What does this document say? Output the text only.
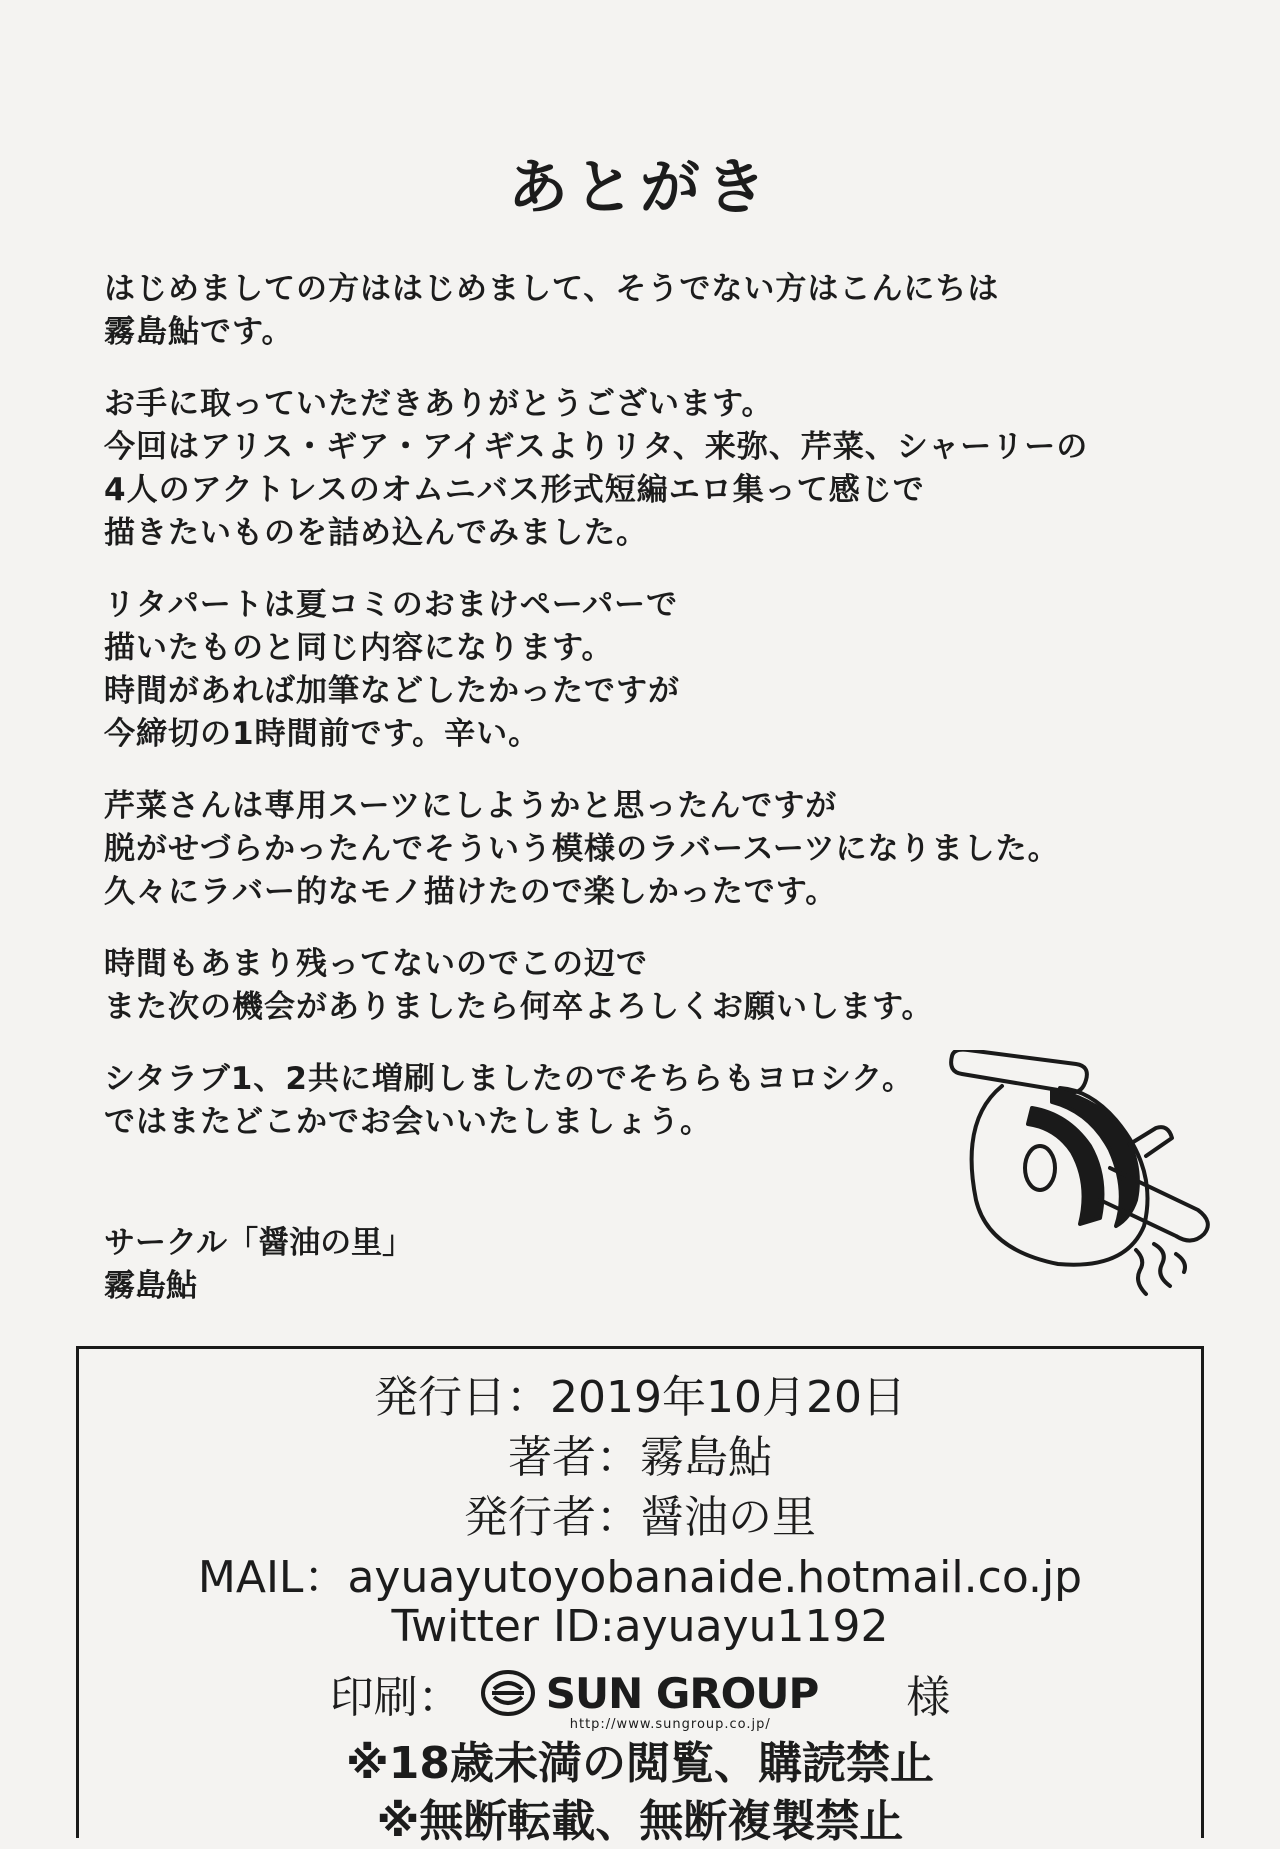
あとがき

はじめましての方ははじめまして、そうでない方はこんにちは
霧島鮎です。

お手に取っていただきありがとうございます。
今回はアリス・ギア・アイギスよりリタ、来弥、芹菜、シャーリーの
4人のアクトレスのオムニバス形式短編エロ集って感じで
描きたいものを詰め込んでみました。

リタパートは夏コミのおまけペーパーで
描いたものと同じ内容になります。
時間があれば加筆などしたかったですが
今締切の1時間前です。辛い。

芹菜さんは専用スーツにしようかと思ったんですが
脱がせづらかったんでそういう模様のラバースーツになりました。
久々にラバー的なモノ描けたので楽しかったです。

時間もあまり残ってないのでこの辺で
また次の機会がありましたら何卒よろしくお願いします。

シタラブ1、2共に増刷しましたのでそちらもヨロシク。
ではまたどこかでお会いいたしましょう。

サークル「醤油の里」
霧島鮎
発行日：2019年10月20日
著者：霧島鮎
発行者：醤油の里
MAIL：ayuayutoyobanaide.hotmail.co.jp
Twitter ID:ayuayu1192
印刷： SUN GROUP
http://www.sungroup.co.jp/
様
※18歳未満の閲覧、購読禁止
※無断転載、無断複製禁止
